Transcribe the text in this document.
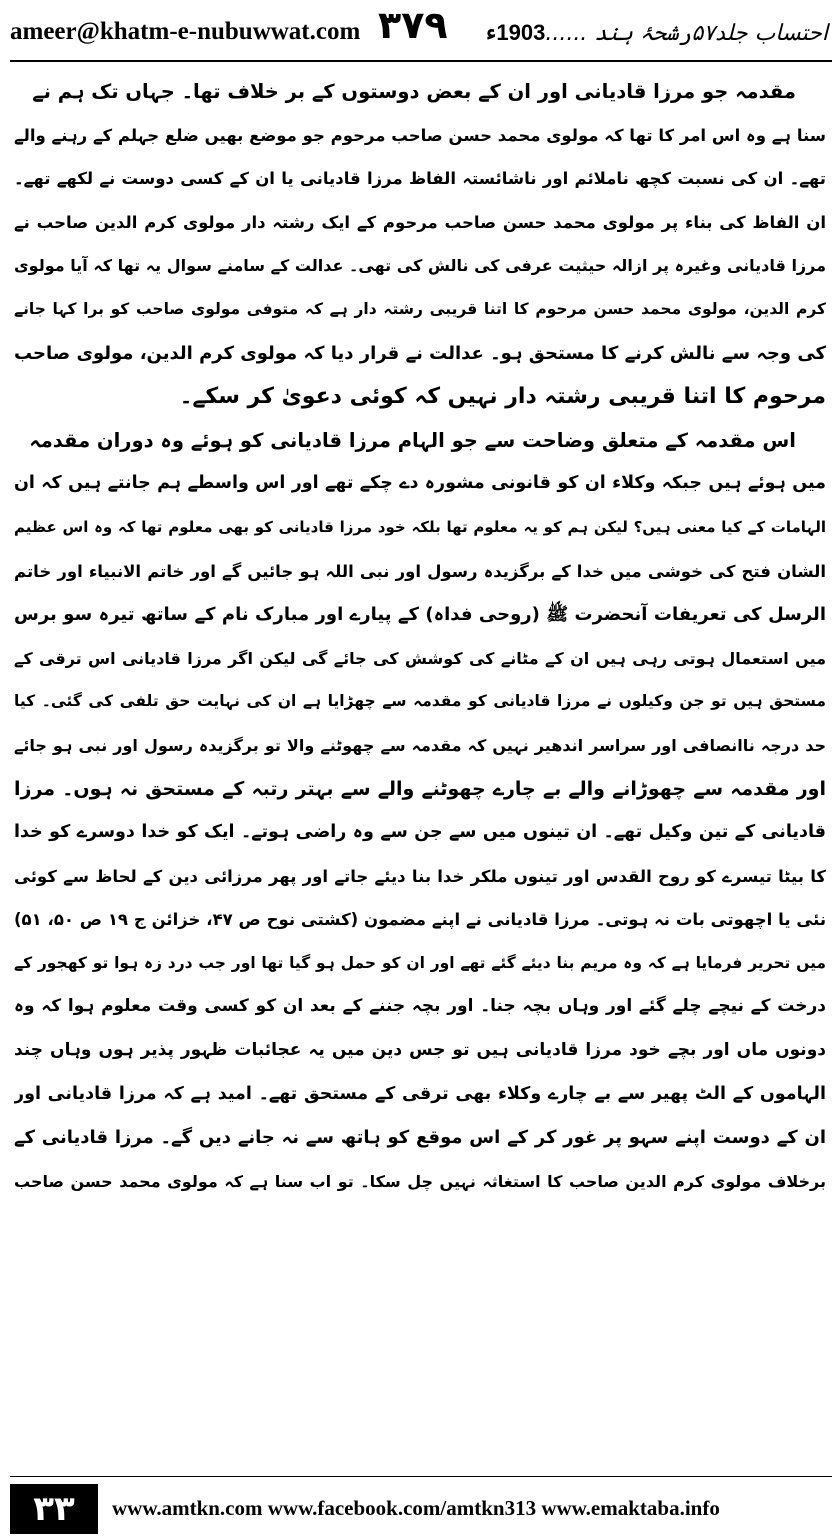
ameer@khatm-e-nubuwwat.com ۳۷۹	احتساب جلد۵۷رشحۂ ہند ......1903ء
مقدمہ جو مرزا قادیانی اور ان کے بعض دوستوں کے بر خلاف تھا۔ جہاں تک ہم نے
سنا ہے وہ اس امر کا تھا کہ مولوی محمد حسن صاحب مرحوم جو موضع بھیں ضلع جہلم کے رہنے والے
تھے۔ ان کی نسبت کچھ ناملائم اور ناشائستہ الفاظ مرزا قادیانی یا ان کے کسی دوست نے لکھے تھے۔
ان الفاظ کی بناء پر مولوی محمد حسن صاحب مرحوم کے ایک رشتہ دار مولوی کرم الدین صاحب نے
مرزا قادیانی وغیرہ پر ازالہ حیثیت عرفی کی نالش کی تھی۔ عدالت کے سامنے سوال یہ تھا کہ آیا مولوی
کرم الدین، مولوی محمد حسن مرحوم کا اتنا قریبی رشتہ دار ہے کہ متوفی مولوی صاحب کو برا کہا جانے
کی وجہ سے نالش کرنے کا مستحق ہو۔ عدالت نے قرار دیا کہ مولوی کرم الدین، مولوی صاحب
مرحوم کا اتنا قریبی رشتہ دار نہیں کہ کوئی دعویٰ کر سکے۔
اس مقدمہ کے متعلق وضاحت سے جو الہام مرزا قادیانی کو ہوئے وہ دوران مقدمہ
میں ہوئے ہیں جبکہ وکلاء ان کو قانونی مشورہ دے چکے تھے اور اس واسطے ہم جانتے ہیں کہ ان
الہامات کے کیا معنی ہیں؟ لیکن ہم کو یہ معلوم تھا بلکہ خود مرزا قادیانی کو بھی معلوم تھا کہ وہ اس عظیم
الشان فتح کی خوشی میں خدا کے برگزیدہ رسول اور نبی اللہ ہو جائیں گے اور خاتم الانبیاء اور خاتم
الرسل کی تعریفات آنحضرت ﷺ (روحی فداہ) کے پیارے اور مبارک نام کے ساتھ تیرہ سو برس
میں استعمال ہوتی رہی ہیں ان کے مٹانے کی کوشش کی جائے گی لیکن اگر مرزا قادیانی اس ترقی کے
مستحق ہیں تو جن وکیلوں نے مرزا قادیانی کو مقدمہ سے چھڑایا ہے ان کی نہایت حق تلفی کی گئی۔ کیا
حد درجہ ناانصافی اور سراسر اندھیر نہیں کہ مقدمہ سے چھوٹنے والا تو برگزیدہ رسول اور نبی ہو جائے
اور مقدمہ سے چھوڑانے والے بے چارے چھوٹنے والے سے بہتر رتبہ کے مستحق نہ ہوں۔ مرزا
قادیانی کے تین وکیل تھے۔ ان تینوں میں سے جن سے وہ راضی ہوتے۔ ایک کو خدا دوسرے کو خدا
کا بیٹا تیسرے کو روح القدس اور تینوں ملکر خدا بنا دیئے جاتے اور پھر مرزائی دین کے لحاظ سے کوئی
نئی یا اچھوتی بات نہ ہوتی۔ مرزا قادیانی نے اپنے مضمون (کشتی نوح ص ۴۷، خزائن ج ۱۹ ص ۵۰، ۵۱)
میں تحریر فرمایا ہے کہ وہ مریم بنا دیئے گئے تھے اور ان کو حمل ہو گیا تھا اور جب درد زہ ہوا تو کھجور کے
درخت کے نیچے چلے گئے اور وہاں بچہ جنا۔ اور بچہ جننے کے بعد ان کو کسی وقت معلوم ہوا کہ وہ
دونوں ماں اور بچے خود مرزا قادیانی ہیں تو جس دین میں یہ عجائبات ظہور پذیر ہوں وہاں چند
الہاموں کے الٹ پھیر سے بے چارے وکلاء بھی ترقی کے مستحق تھے۔ امید ہے کہ مرزا قادیانی اور
ان کے دوست اپنے سہو پر غور کر کے اس موقع کو ہاتھ سے نہ جانے دیں گے۔ مرزا قادیانی کے
برخلاف مولوی کرم الدین صاحب کا استغاثہ نہیں چل سکا۔ تو اب سنا ہے کہ مولوی محمد حسن صاحب
۳۳	www.amtkn.com www.facebook.com/amtkn313 www.emaktaba.info
